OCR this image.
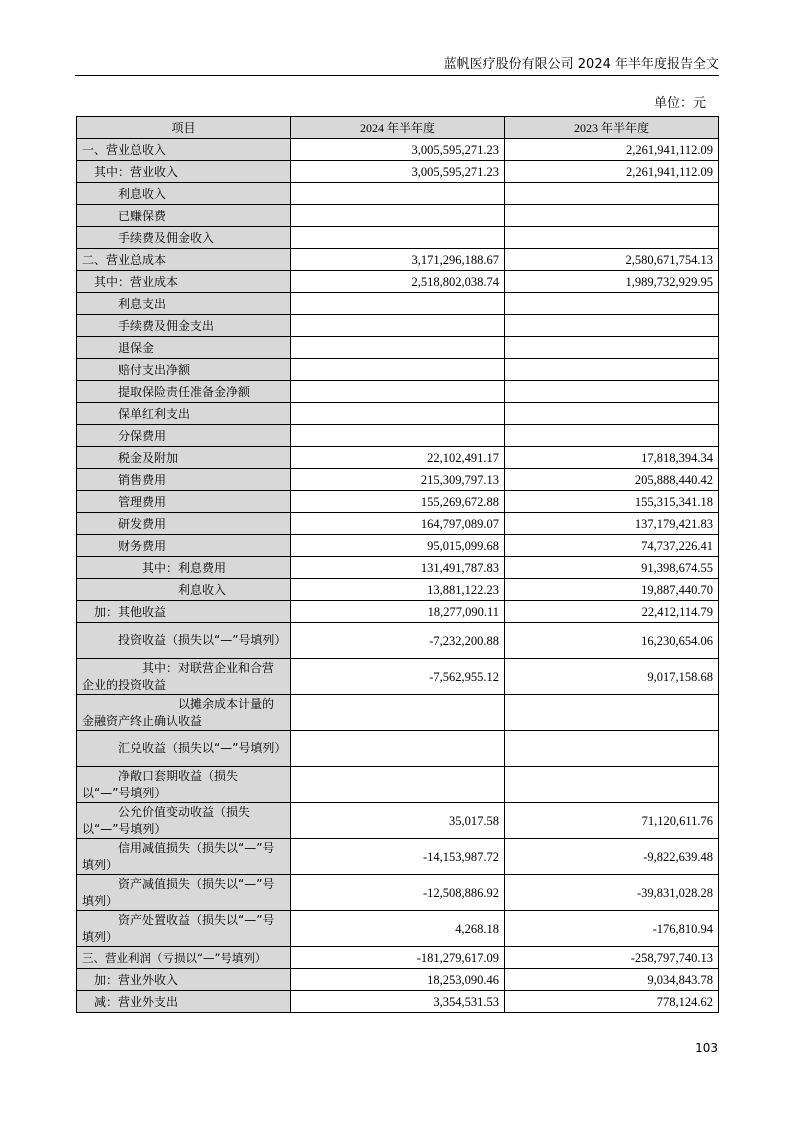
蓝帆医疗股份有限公司 2024 年半年度报告全文
单位：元
项目	2024 年半年度	2023 年半年度
一、营业总收入	3,005,595,271.23	2,261,941,112.09
其中：营业收入	3,005,595,271.23	2,261,941,112.09
利息收入		
已赚保费		
手续费及佣金收入		
二、营业总成本	3,171,296,188.67	2,580,671,754.13
其中：营业成本	2,518,802,038.74	1,989,732,929.95
利息支出		
手续费及佣金支出		
退保金		
赔付支出净额		
提取保险责任准备金净额		
保单红利支出		
分保费用		
税金及附加	22,102,491.17	17,818,394.34
销售费用	215,309,797.13	205,888,440.42
管理费用	155,269,672.88	155,315,341.18
研发费用	164,797,089.07	137,179,421.83
财务费用	95,015,099.68	74,737,226.41
其中：利息费用	131,491,787.83	91,398,674.55
利息收入	13,881,122.23	19,887,440.70
加：其他收益	18,277,090.11	22,412,114.79
投资收益（损失以“—”号填列）	-7,232,200.88	16,230,654.06
其中：对联营企业和合营企业的投资收益	-7,562,955.12	9,017,158.68
以摊余成本计量的金融资产终止确认收益		
汇兑收益（损失以“—”号填列）		
净敞口套期收益（损失以“—”号填列）		
公允价值变动收益（损失以“—”号填列）	35,017.58	71,120,611.76
信用减值损失（损失以“—”号填列）	-14,153,987.72	-9,822,639.48
资产减值损失（损失以“—”号填列）	-12,508,886.92	-39,831,028.28
资产处置收益（损失以“—”号填列）	4,268.18	-176,810.94
三、营业利润（亏损以“—”号填列）	-181,279,617.09	-258,797,740.13
加：营业外收入	18,253,090.46	9,034,843.78
减：营业外支出	3,354,531.53	778,124.62
103
